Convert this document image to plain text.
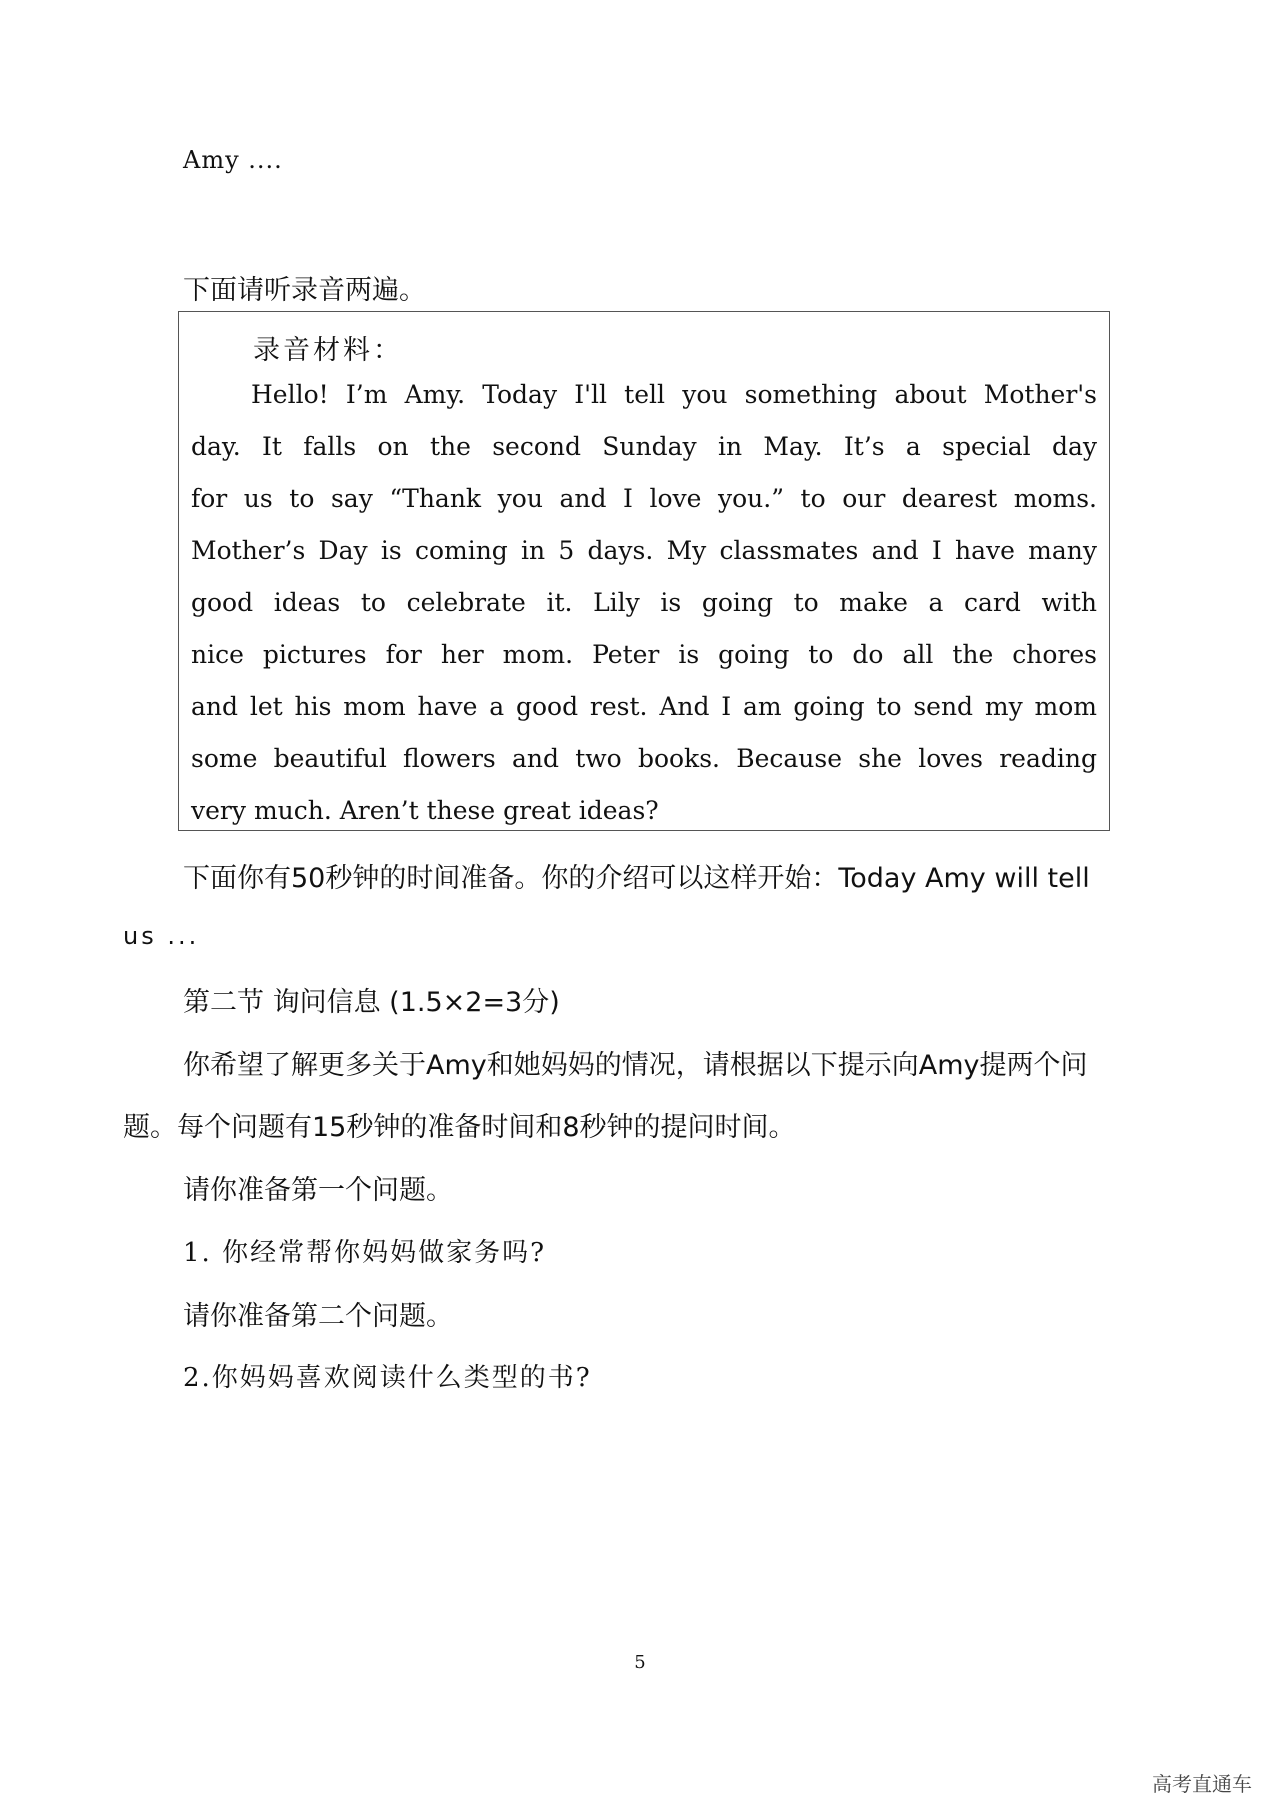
Amy ....
下面请听录音两遍。
录音材料：
Hello! I’m Amy. Today I'll tell you something about Mother's
day. It falls on the second Sunday in May. It’s a special day
for us to say “Thank you and I love you.” to our dearest moms.
Mother’s Day is coming in 5 days. My classmates and I have many
good ideas to celebrate it. Lily is going to make a card with
nice pictures for her mom. Peter is going to do all the chores
and let his mom have a good rest. And I am going to send my mom
some beautiful flowers and two books. Because she loves reading
very much. Aren’t these great ideas?
下面你有50秒钟的时间准备。你的介绍可以这样开始：Today Amy will tell
us ...
第二节 询问信息 (1.5×2=3分)
你希望了解更多关于Amy和她妈妈的情况，请根据以下提示向Amy提两个问
题。每个问题有15秒钟的准备时间和8秒钟的提问时间。
请你准备第一个问题。
1. 你经常帮你妈妈做家务吗?
请你准备第二个问题。
2.你妈妈喜欢阅读什么类型的书?
5
高考直通车
